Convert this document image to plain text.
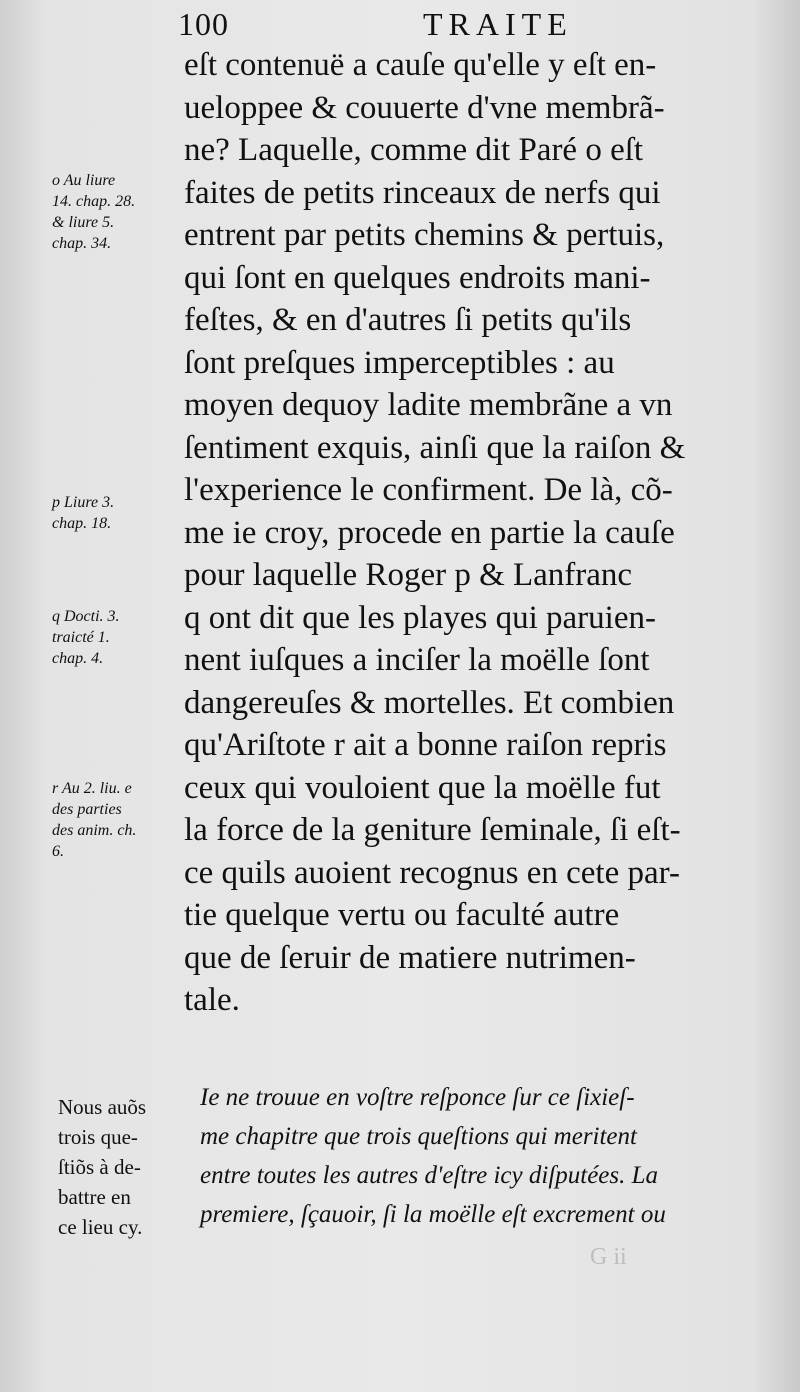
100	TRAITE
eſt contenuë a cauſe qu'elle y eſt en-
ueloppee & couuerte d'vne membrã-
ne? Laquelle, comme dit Paré o eſt
faites de petits rinceaux de nerfs qui
entrent par petits chemins & pertuis,
qui ſont en quelques endroits mani-
feſtes, & en d'autres ſi petits qu'ils
ſont preſques imperceptibles : au
moyen dequoy ladite membrãne a vn
ſentiment exquis, ainſi que la raiſon &
l'experience le confirment. De là, cõ-
me ie croy, procede en partie la cauſe
pour laquelle Roger p & Lanfranc
q ont dit que les playes qui paruien-
nent iuſques a inciſer la moëlle ſont
dangereuſes & mortelles. Et combien
qu'Ariſtote r ait a bonne raiſon repris
ceux qui vouloient que la moëlle fut
la force de la geniture ſeminale, ſi eſt-
ce quils auoient recognus en cete par-
tie quelque vertu ou faculté autre
que de ſeruir de matiere nutrimen-
tale.
o Au liure
14. chap. 28.
& liure 5.
chap. 34.
p Liure 3.
chap. 18.
q Docti. 3.
traicté 1.
chap. 4.
r Au 2. liu. e
des parties
des anim. ch.
6.
Nous auõs
trois que-
ſtiõs à de-
battre en
ce lieu cy.
Ie ne trouue en voſtre reſponce ſur ce ſixieſ-
me chapitre que trois queſtions qui meritent
entre toutes les autres d'eſtre icy diſputées. La
premiere, ſçauoir, ſi la moëlle eſt excrement ou
G ii
